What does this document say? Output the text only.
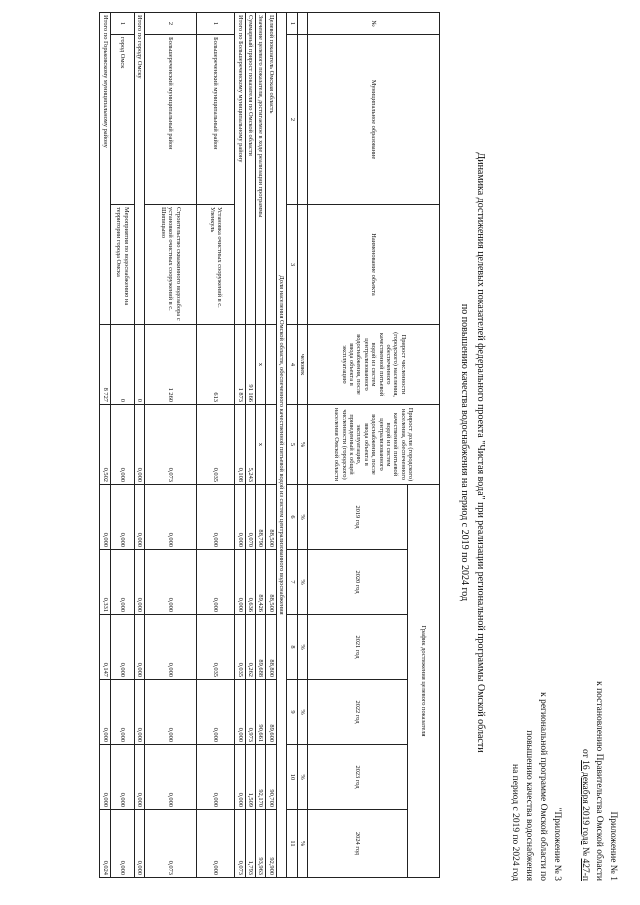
Приложение № 1
к постановлению Правительства Омской области
от 16 декабря 2019 года № 427-п
"Приложение № 3
к региональной программе Омской области по
повышению качества водоснабжения
на период с 2019 по 2024 год
Динамика достижения целевых показателей федерального проекта "Чистая вода" при реализации региональной программы Омской области
по повышению качества водоснабжения на период с 2019 по 2024 год
№	Муниципальное образование	Наименование объекта	Прирост численности (городского) населения, обеспеченного качественной питьевой водой из систем централизованного водоснабжения, после ввода объекта в эксплуатацию	Прирост доли (городского) населения, обеспеченного качественной питьевой водой из систем централизованного водоснабжения, после ввода объекта в эксплуатацию, приведенный к общей численности (городского) населения Омской области	График достижения целевого показателя					
					2019 год	2020 год	2021 год	2022 год	2023 год	2024 год
			человек	%	%	%	%	%	%	%
1	2	3	4	5	6	7	8	9	10	11
Доля населения Омской области, обеспеченного качественной питьевой водой из систем централизованного водоснабжения										
Целевой показатель Омская область					88,500	88,500	88,800	89,600	90,700	92,900
Значение целевого показателя, достигаемое в ходе реализации программы			х	х	88,790	89,426	89,688	90,661	92,170	93,963
Суммарный прирост показателя по Омской области			91 166	5,243	0,070	0,636	0,262	0,973	1,509	1,793
Итого по Большереченскому муниципальному району			1 873	0,108	0,000	0,000	0,035	0,000	0,000	0,073
1	Большереченский муниципальный район	Установка очистных сооружений в с. Уленкуль	613	0,035	0,000	0,000	0,035	0,000	0,000	0,000
2	Большереченский муниципальный район	Строительство скважинного водозабора с установкой очистных сооружений в с. Шипицыно	1 260	0,073	0,000	0,000	0,000	0,000	0,000	0,073
Итого по городу Омску			0	0,000	0,000	0,000	0,000	0,000	0,000	0,000
1	город Омск	Мероприятия по водоснабжению на территории города Омска	0	0,000	0,000	0,000	0,000	0,000	0,000	0,000
Итого по Горьковскому муниципальному району			8 727	0,502	0,000	0,331	0,147	0,000	0,000	0,024
